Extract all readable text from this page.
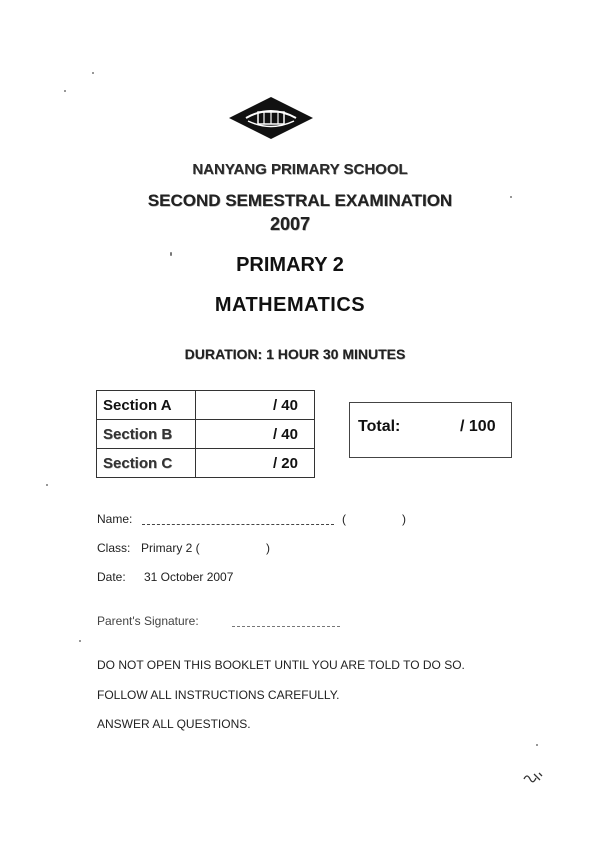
NANYANG PRIMARY SCHOOL
SECOND SEMESTRAL EXAMINATION
2007
PRIMARY 2
MATHEMATICS
DURATION: 1 HOUR 30 MINUTES
Section A	/ 40
Section B	/ 40
Section C	/ 20
Total:	/ 100
Name:	(	)
Class: Primary 2 (	)
Date: 31 October 2007
Parent's Signature:
DO NOT OPEN THIS BOOKLET UNTIL YOU ARE TOLD TO DO SO.
FOLLOW ALL INSTRUCTIONS CAREFULLY.
ANSWER ALL QUESTIONS.
